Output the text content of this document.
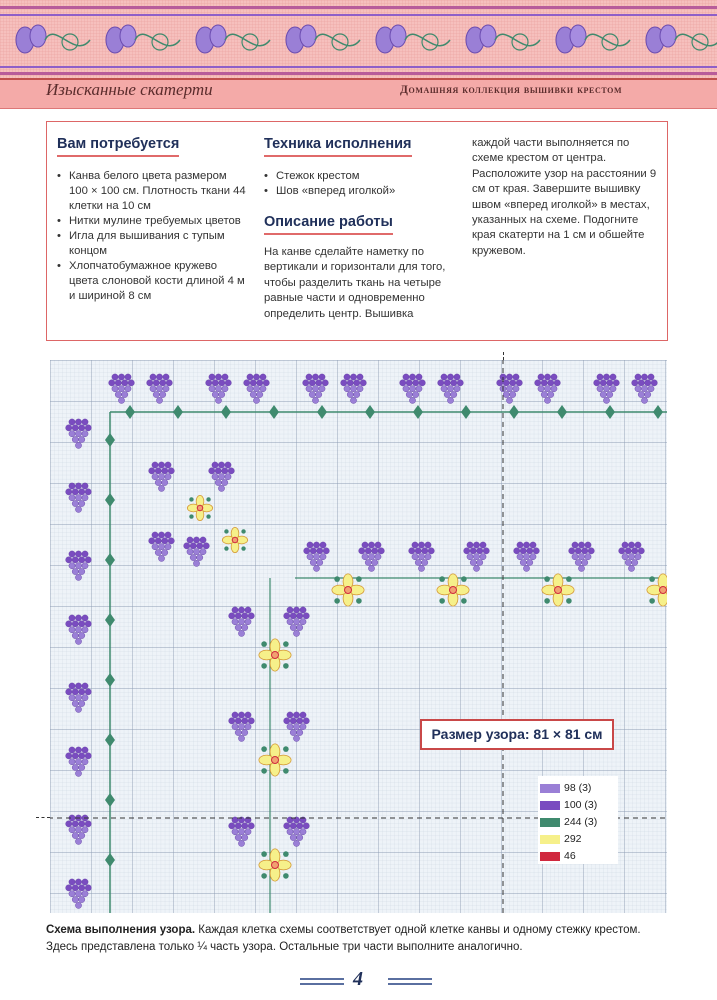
Изысканные скатерти	Домашняя коллекция вышивки крестом
Вам потребуется
• Канва белого цвета размером 100 × 100 см. Плотность ткани 44 клетки на 10 см
• Нитки мулине требуемых цветов
• Игла для вышивания с тупым концом
• Хлопчатобумажное кружево цвета слоновой кости длиной 4 м и шириной 8 см
Техника исполнения
• Стежок крестом
• Шов «вперед иголкой»
Описание работы
На канве сделайте наметку по вертикали и горизонтали для того, чтобы разделить ткань на четыре равные части и одновременно определить центр. Вышивка
каждой части выполняется по схеме крестом от центра. Расположите узор на расстоянии 9 см от края. Завершите вышивку швом «вперед иголкой» в местах, указанных на схеме. Подогните края скатерти на 1 см и обшейте кружевом.
Размер узора: 81 × 81 см
98 (3)
100 (3)
244 (3)
292
46
Схема выполнения узора. Каждая клетка схемы соответствует одной клетке канвы и одному стежку крестом. Здесь представлена только ¼ часть узора. Остальные три части выполните аналогично.
4
